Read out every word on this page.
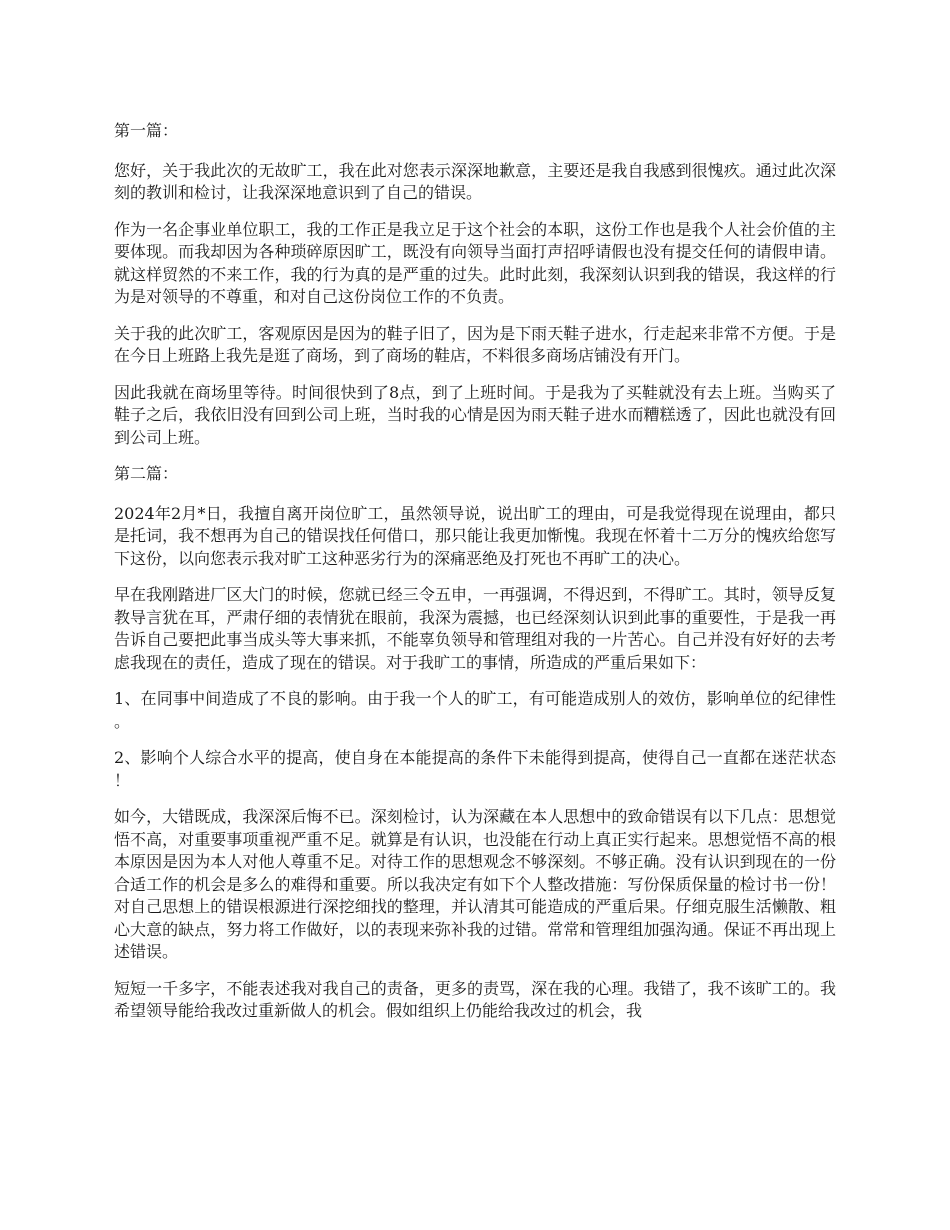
第一篇：

您好，关于我此次的无故旷工，我在此对您表示深深地歉意，主要还是我自我感到很愧疚。通过此次深刻的教训和检讨，让我深深地意识到了自己的错误。

作为一名企事业单位职工，我的工作正是我立足于这个社会的本职，这份工作也是我个人社会价值的主要体现。而我却因为各种琐碎原因旷工，既没有向领导当面打声招呼请假也没有提交任何的请假申请。就这样贸然的不来工作，我的行为真的是严重的过失。此时此刻，我深刻认识到我的错误，我这样的行为是对领导的不尊重，和对自己这份岗位工作的不负责。

关于我的此次旷工，客观原因是因为的鞋子旧了，因为是下雨天鞋子进水，行走起来非常不方便。于是在今日上班路上我先是逛了商场，到了商场的鞋店，不料很多商场店铺没有开门。

因此我就在商场里等待。时间很快到了8点，到了上班时间。于是我为了买鞋就没有去上班。当购买了鞋子之后，我依旧没有回到公司上班，当时我的心情是因为雨天鞋子进水而糟糕透了，因此也就没有回到公司上班。

第二篇：

2024年2月*日，我擅自离开岗位旷工，虽然领导说，说出旷工的理由，可是我觉得现在说理由，都只是托词，我不想再为自己的错误找任何借口，那只能让我更加惭愧。我现在怀着十二万分的愧疚给您写下这份，以向您表示我对旷工这种恶劣行为的深痛恶绝及打死也不再旷工的决心。

早在我刚踏进厂区大门的时候，您就已经三令五申，一再强调，不得迟到，不得旷工。其时，领导反复教导言犹在耳，严肃仔细的表情犹在眼前，我深为震撼，也已经深刻认识到此事的重要性，于是我一再告诉自己要把此事当成头等大事来抓，不能辜负领导和管理组对我的一片苦心。自己并没有好好的去考虑我现在的责任，造成了现在的错误。对于我旷工的事情，所造成的严重后果如下：

1、在同事中间造成了不良的影响。由于我一个人的旷工，有可能造成别人的效仿，影响单位的纪律性。

2、影响个人综合水平的提高，使自身在本能提高的条件下未能得到提高，使得自己一直都在迷茫状态！

如今，大错既成，我深深后悔不已。深刻检讨，认为深藏在本人思想中的致命错误有以下几点：思想觉悟不高，对重要事项重视严重不足。就算是有认识，也没能在行动上真正实行起来。思想觉悟不高的根本原因是因为本人对他人尊重不足。对待工作的思想观念不够深刻。不够正确。没有认识到现在的一份合适工作的机会是多么的难得和重要。所以我决定有如下个人整改措施：写份保质保量的检讨书一份！对自己思想上的错误根源进行深挖细找的整理，并认清其可能造成的严重后果。仔细克服生活懒散、粗心大意的缺点，努力将工作做好，以的表现来弥补我的过错。常常和管理组加强沟通。保证不再出现上述错误。

短短一千多字，不能表述我对我自己的责备，更多的责骂，深在我的心理。我错了，我不该旷工的。我希望领导能给我改过重新做人的机会。假如组织上仍能给我改过的机会，我
